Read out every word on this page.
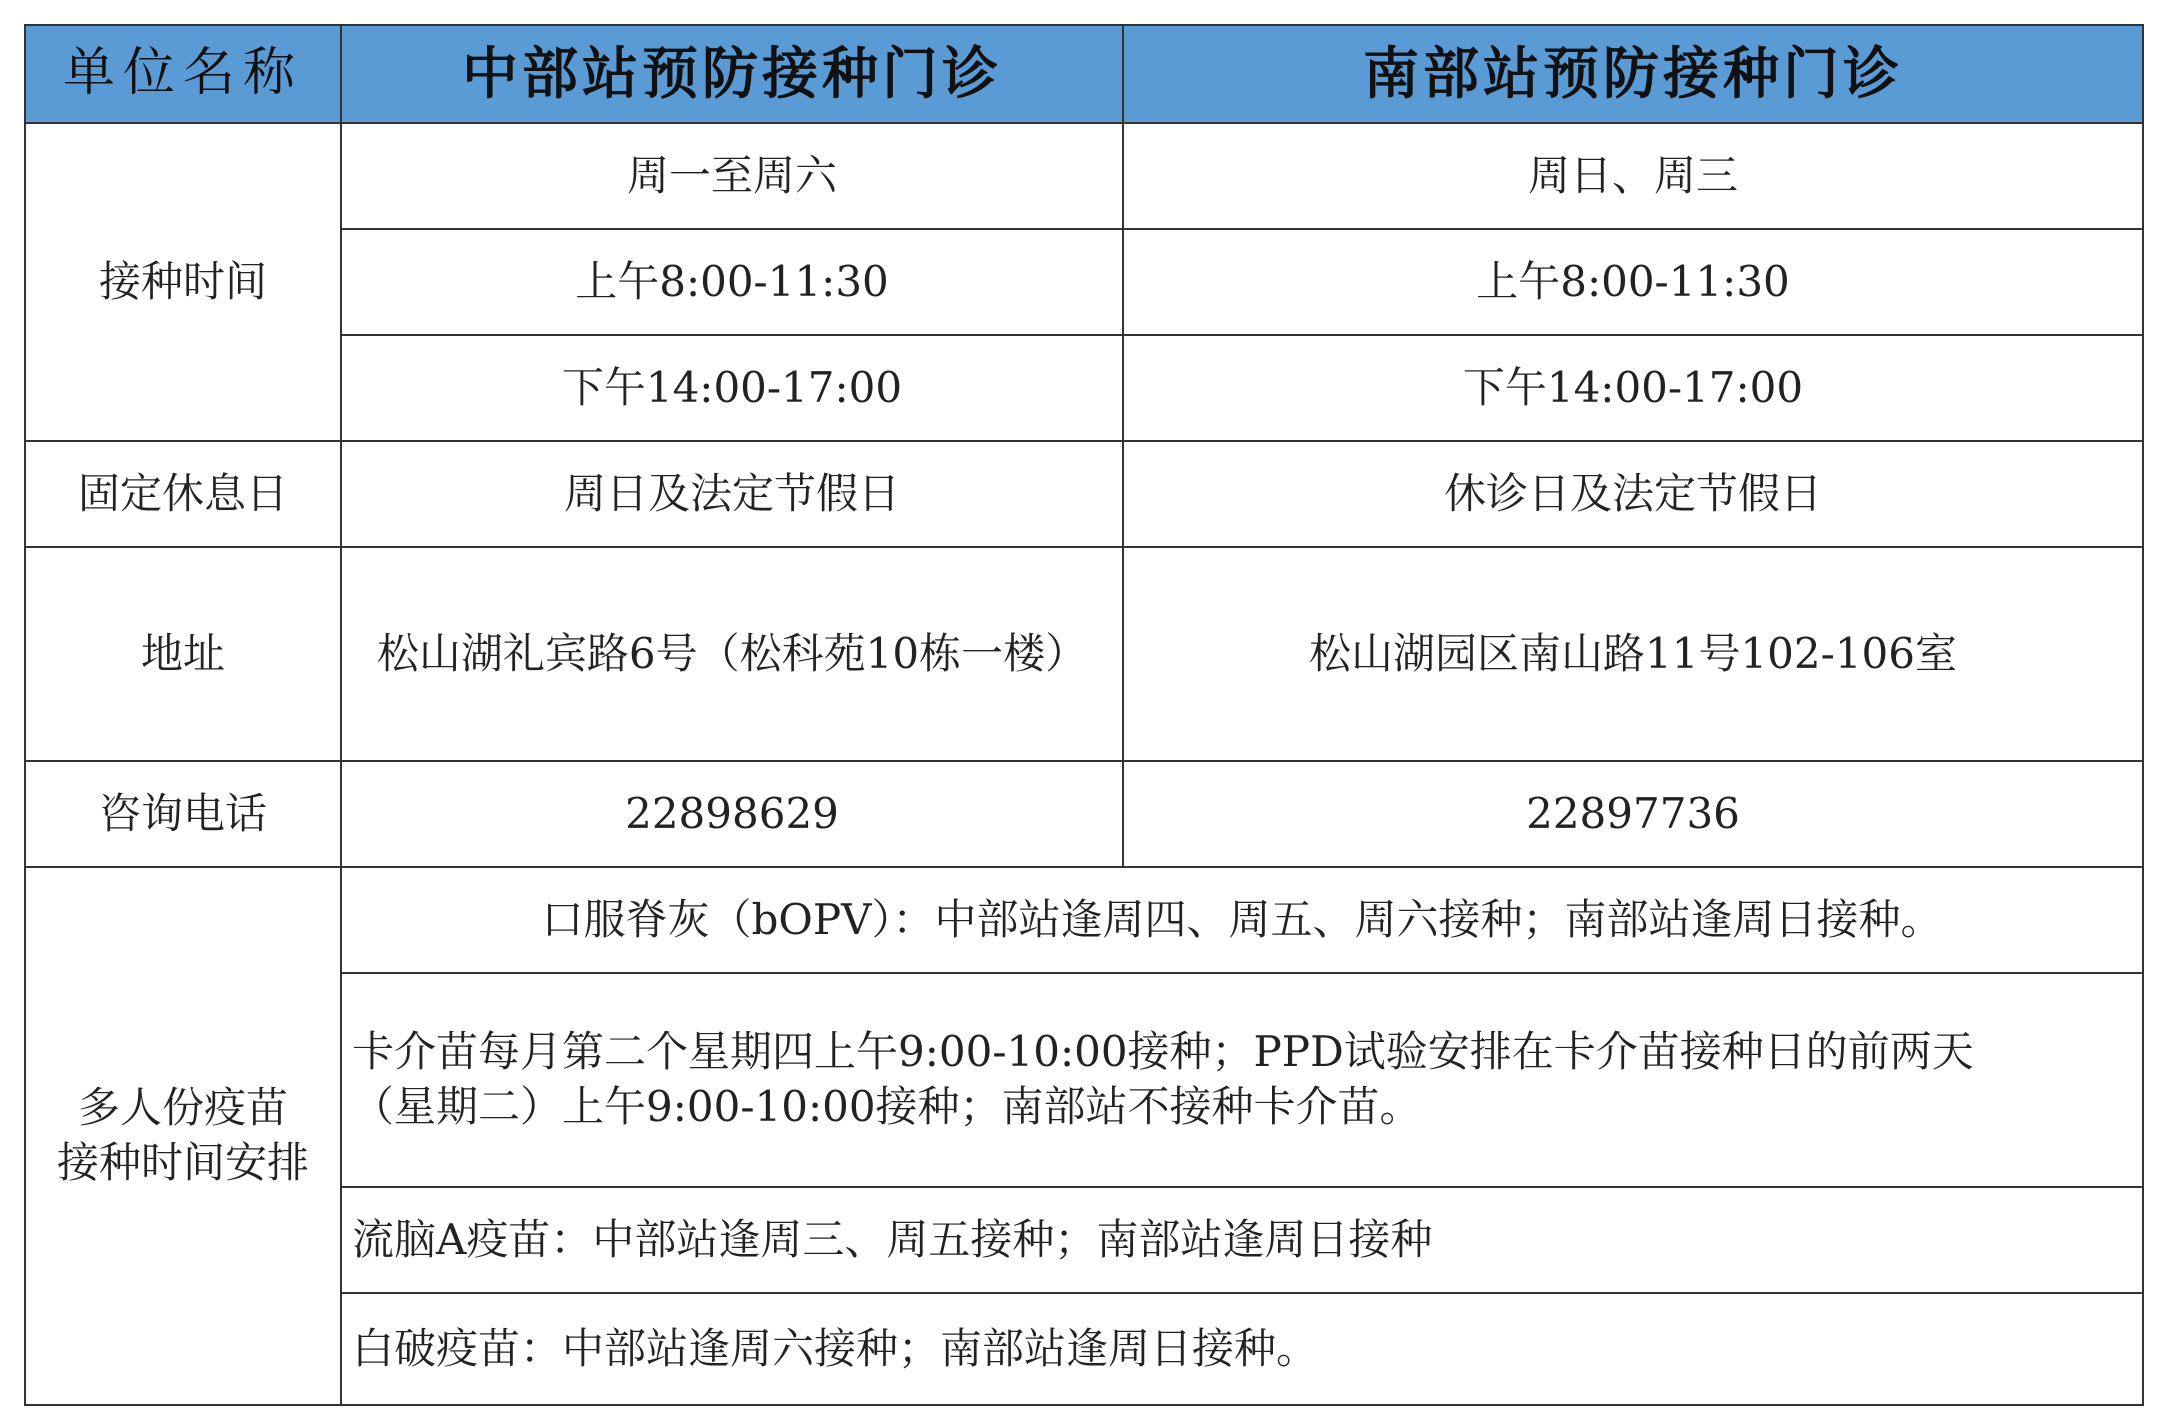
单位名称	中部站预防接种门诊	南部站预防接种门诊
接种时间	周一至周六	周日、周三
	上午8:00-11:30	上午8:00-11:30
	下午14:00-17:00	下午14:00-17:00
固定休息日	周日及法定节假日	休诊日及法定节假日
地址	松山湖礼宾路6号（松科苑10栋一楼）	松山湖园区南山路11号102-106室
咨询电话	22898629	22897736

多人份疫苗
接种时间安排	口服脊灰（bOPV）：中部站逢周四、周五、周六接种；南部站逢周日接种。	

	卡介苗每月第二个星期四上午9:00-10:00接种；PPD试验安排在卡介苗接种日的前两天
（星期二）上午9:00-10:00接种；南部站不接种卡介苗。	

	流脑A疫苗：中部站逢周三、周五接种；南部站逢周日接种	
	白破疫苗：中部站逢周六接种；南部站逢周日接种。	
